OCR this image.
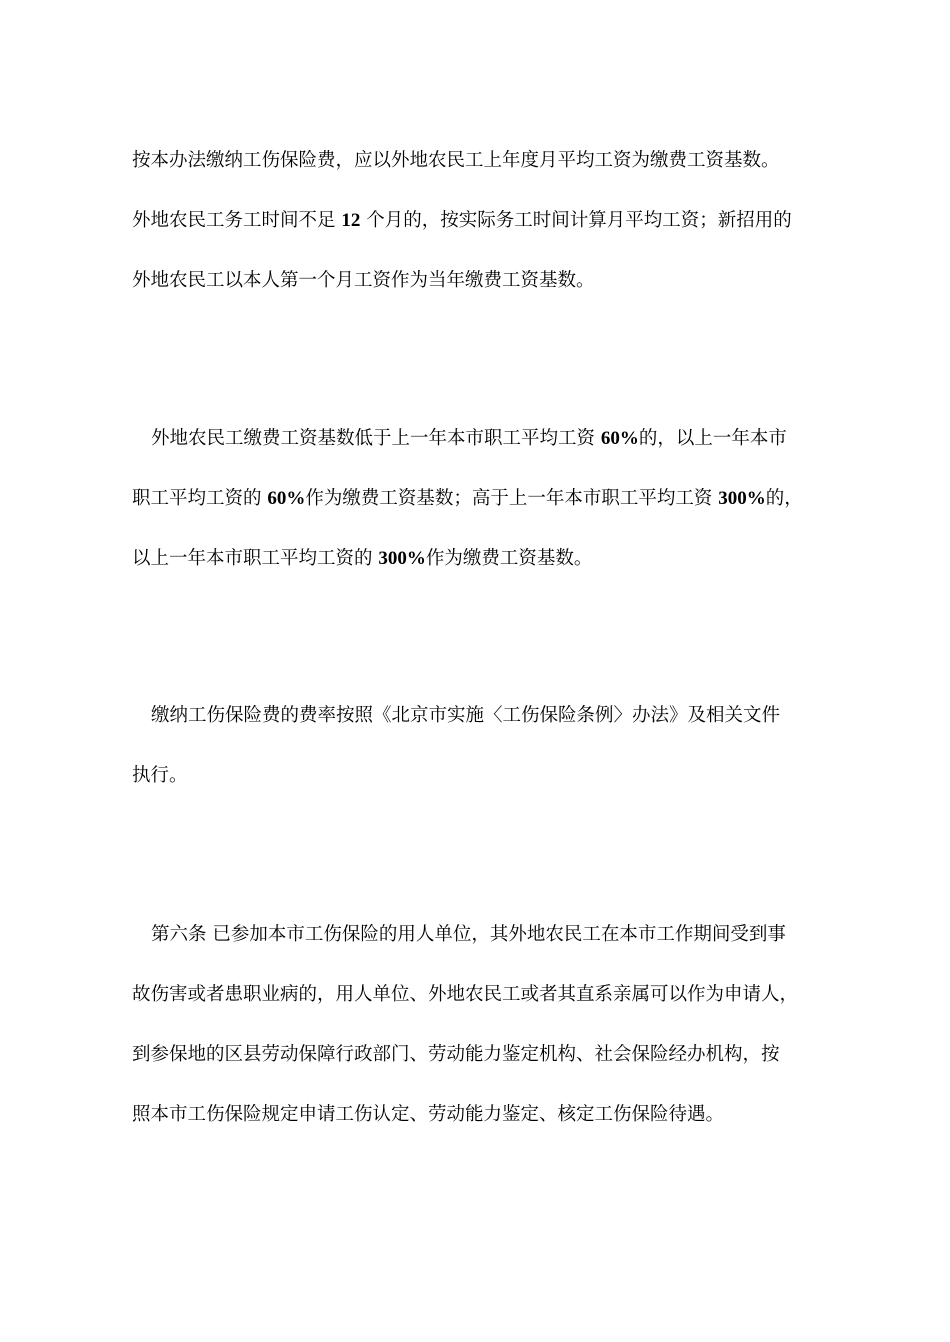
按本办法缴纳工伤保险费，应以外地农民工上年度月平均工资为缴费工资基数。
外地农民工务工时间不足 12 个月的，按实际务工时间计算月平均工资；新招用的
外地农民工以本人第一个月工资作为当年缴费工资基数。
外地农民工缴费工资基数低于上一年本市职工平均工资 60%的，以上一年本市
职工平均工资的 60%作为缴费工资基数；高于上一年本市职工平均工资 300%的，
以上一年本市职工平均工资的 300%作为缴费工资基数。
缴纳工伤保险费的费率按照《北京市实施〈工伤保险条例〉办法》及相关文件
执行。
第六条 已参加本市工伤保险的用人单位，其外地农民工在本市工作期间受到事
故伤害或者患职业病的，用人单位、外地农民工或者其直系亲属可以作为申请人，
到参保地的区县劳动保障行政部门、劳动能力鉴定机构、社会保险经办机构，按
照本市工伤保险规定申请工伤认定、劳动能力鉴定、核定工伤保险待遇。
